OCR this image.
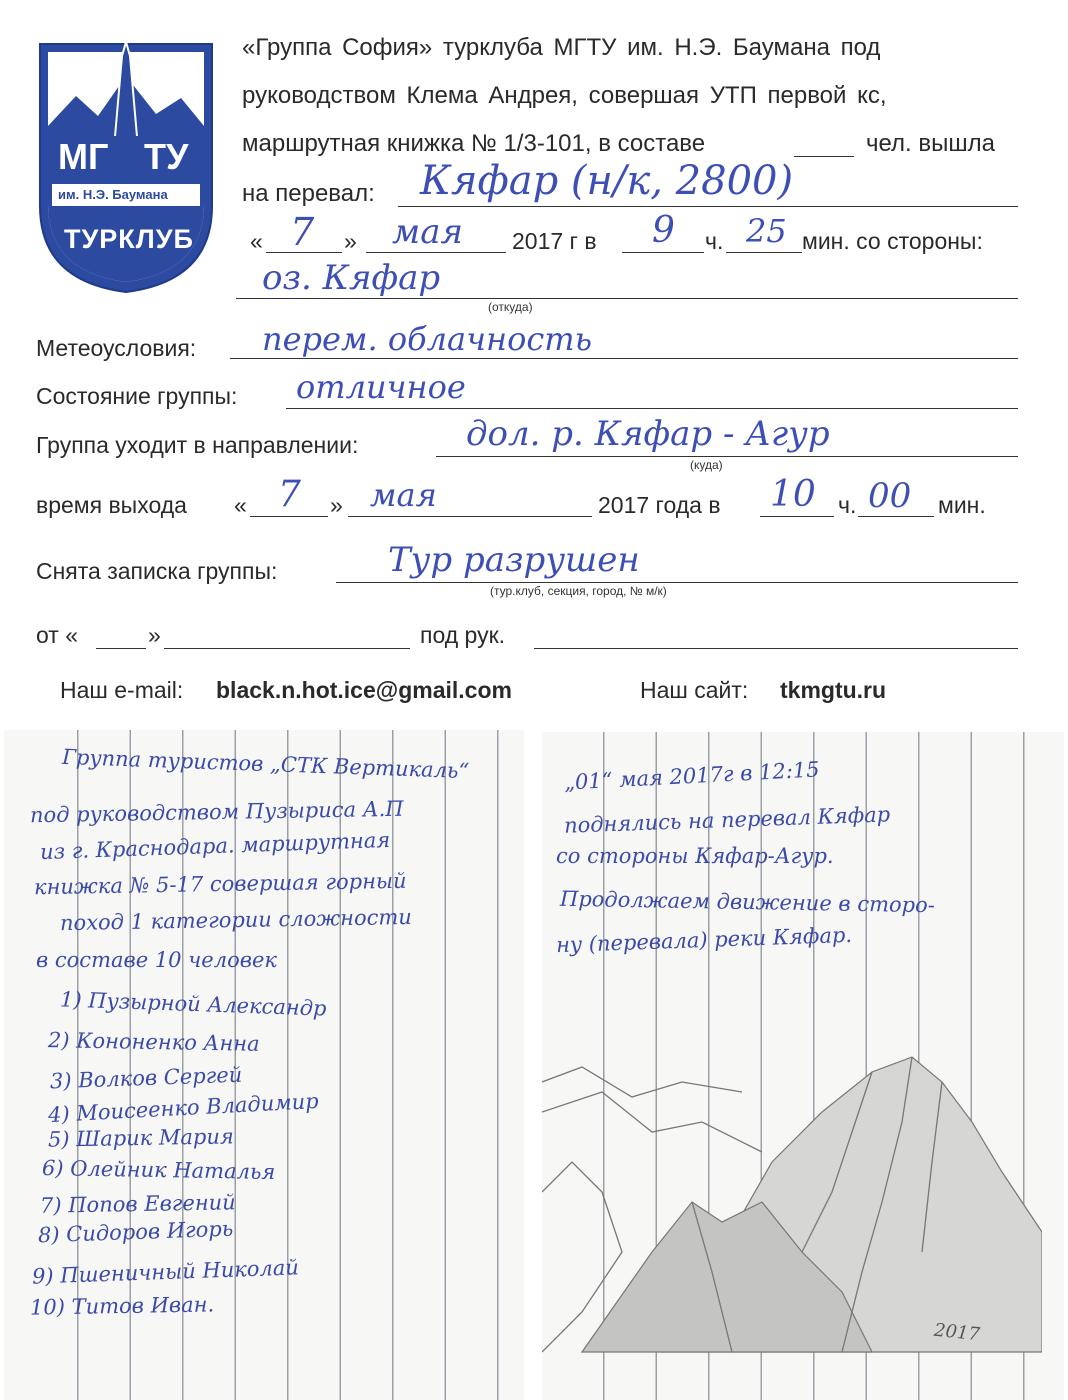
МГ ТУ
им. Н.Э. Баумана
ТУРКЛУБ
«Группа София» турклуба МГТУ им. Н.Э. Баумана под
руководством Клема Андрея, совершая УТП первой кс,
маршрутная книжка № 1/3-101, в составе	чел. вышла
на перевал: Кяфар (н/к, 2800)
« 7 » мая 2017 г в 9 ч. 25 мин. со стороны:
оз. Кяфар
(откуда)
Метеоусловия: перем. облачность
Состояние группы: отличное
Группа уходит в направлении:	дол. р. Кяфар - Агур
(куда)
время выхода « 7 » мая	2017 года в 10 ч. 00 мин.
Снята записка группы:	Тур разрушен
(тур.клуб, секция, город, № м/к)
от «	»	под рук.
Наш e-mail: black.n.hot.ice@gmail.com	Наш сайт: tkmgtu.ru
Группа туристов „СТК Вертикаль“
под руководством Пузыриса А.П
из г. Краснодара. маршрутная
книжка № 5-17 совершая горный
поход 1 категории сложности
в составе 10 человек
1) Пузырной Александр
2) Кононенко Анна
3) Волков Сергей
4) Моисеенко Владимир
5) Шарик Мария
6) Олейник Наталья
7) Попов Евгений
8) Сидоров Игорь
9) Пшеничный Николай
10) Титов Иван.
„01“ мая 2017г в 12:15
поднялись на перевал Кяфар
со стороны Кяфар-Агур.
Продолжаем движение в сторо-
ну (перевала) реки Кяфар.
2017
